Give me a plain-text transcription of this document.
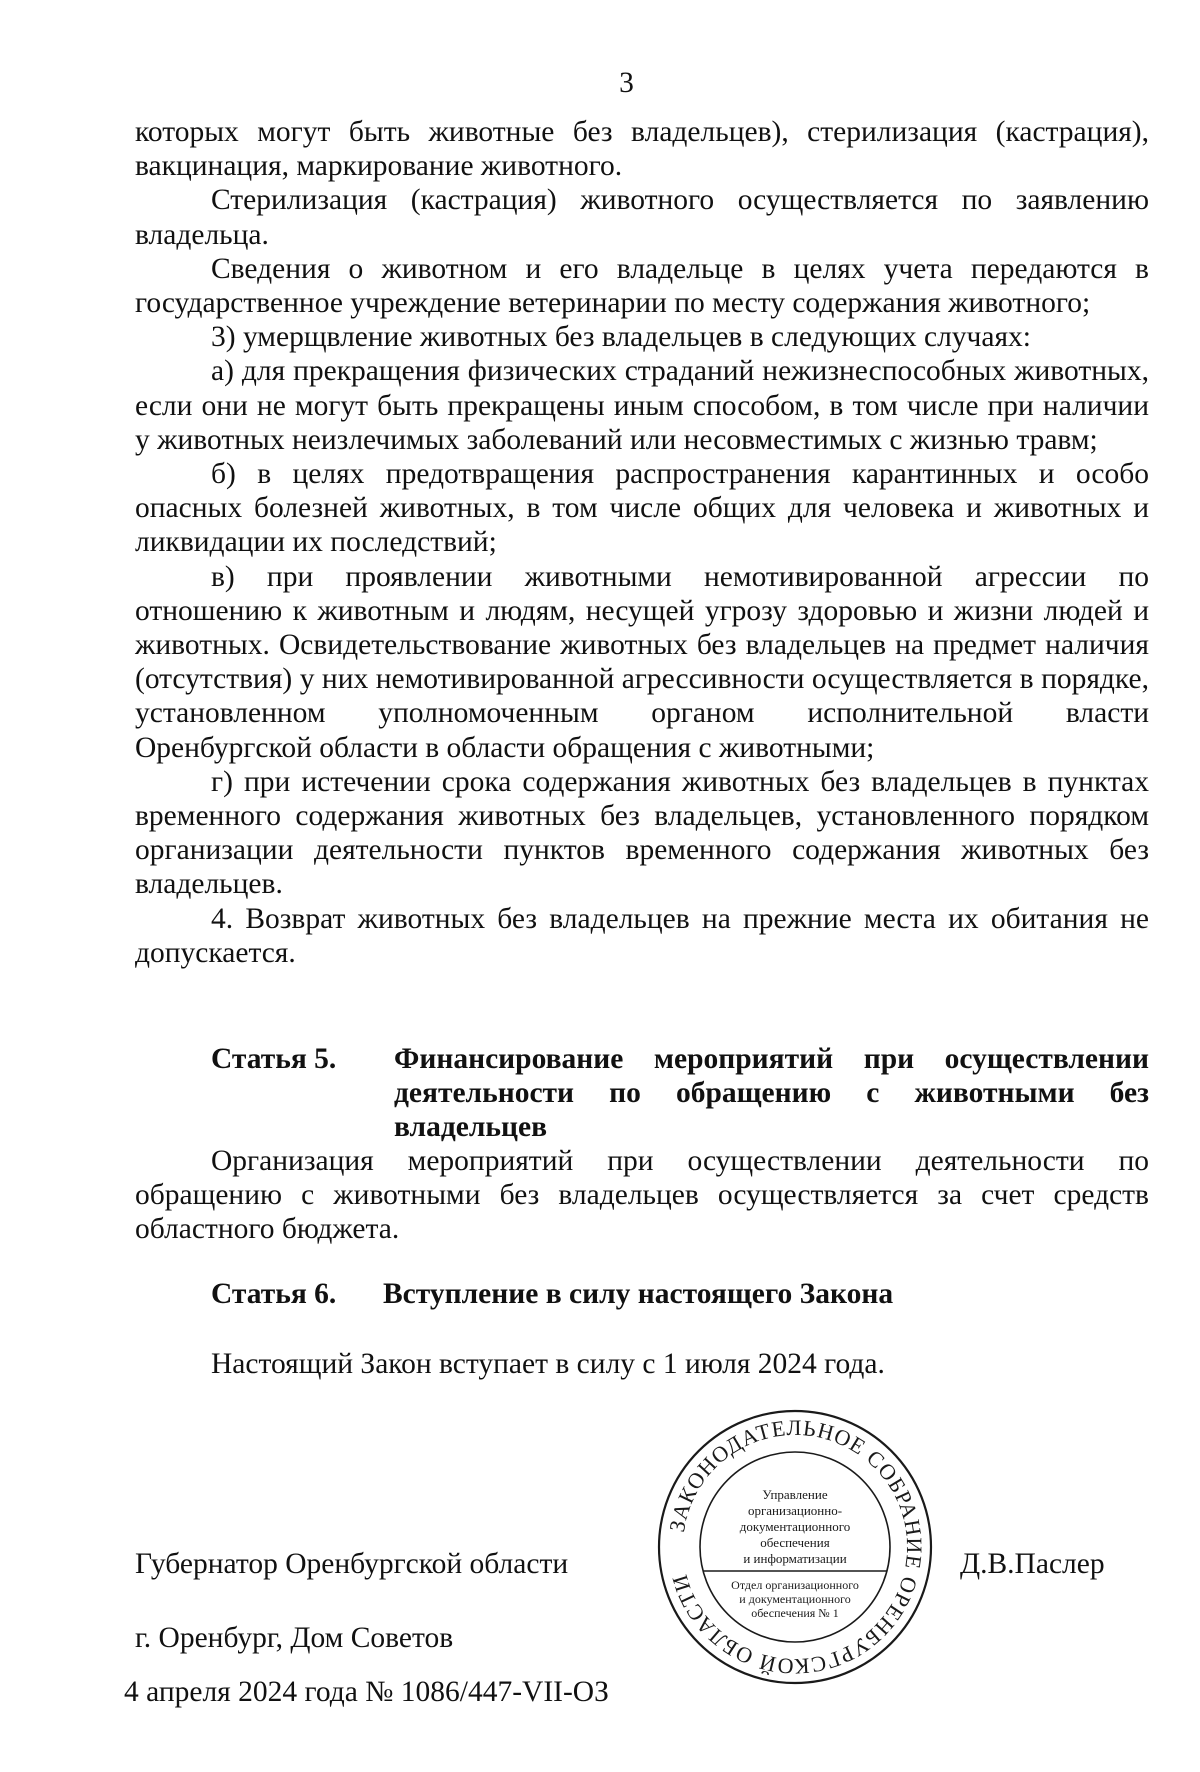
3

которых могут быть животные без владельцев), стерилизация (кастрация), вакцинация, маркирование животного.

Стерилизация (кастрация) животного осуществляется по заявлению владельца.

Сведения о животном и его владельце в целях учета передаются в государственное учреждение ветеринарии по месту содержания животного;

3) умерщвление животных без владельцев в следующих случаях:

а) для прекращения физических страданий нежизнеспособных животных, если они не могут быть прекращены иным способом, в том числе при наличии у животных неизлечимых заболеваний или несовместимых с жизнью травм;

б) в целях предотвращения распространения карантинных и особо опасных болезней животных, в том числе общих для человека и животных и ликвидации их последствий;

в) при проявлении животными немотивированной агрессии по отношению к животным и людям, несущей угрозу здоровью и жизни людей и животных. Освидетельствование животных без владельцев на предмет наличия (отсутствия) у них немотивированной агрессивности осуществляется в порядке, установленном уполномоченным органом исполнительной власти Оренбургской области в области обращения с животными;

г) при истечении срока содержания животных без владельцев в пунктах временного содержания животных без владельцев, установленного порядком организации деятельности пунктов временного содержания животных без владельцев.

4. Возврат животных без владельцев на прежние места их обитания не допускается.

Статья 5.	Финансирование мероприятий при осуществлении деятельности по обращению с животными без владельцев

Организация мероприятий при осуществлении деятельности по обращению с животными без владельцев осуществляется за счет средств областного бюджета.

Статья 6.	Вступление в силу настоящего Закона

Настоящий Закон вступает в силу с 1 июля 2024 года.

ЗАКОНОДАТЕЛЬНОЕ СОБРАНИЕ ОРЕНБУРГСКОЙ ОБЛАСТИ
Управление
организационно-
документационного
обеспечения
и информатизации
Отдел организационного
и документационного
обеспечения № 1
Губернатор Оренбургской области	Д.В.Паслер
г. Оренбург, Дом Советов
4 апреля 2024 года № 1086/447-VII-ОЗ
